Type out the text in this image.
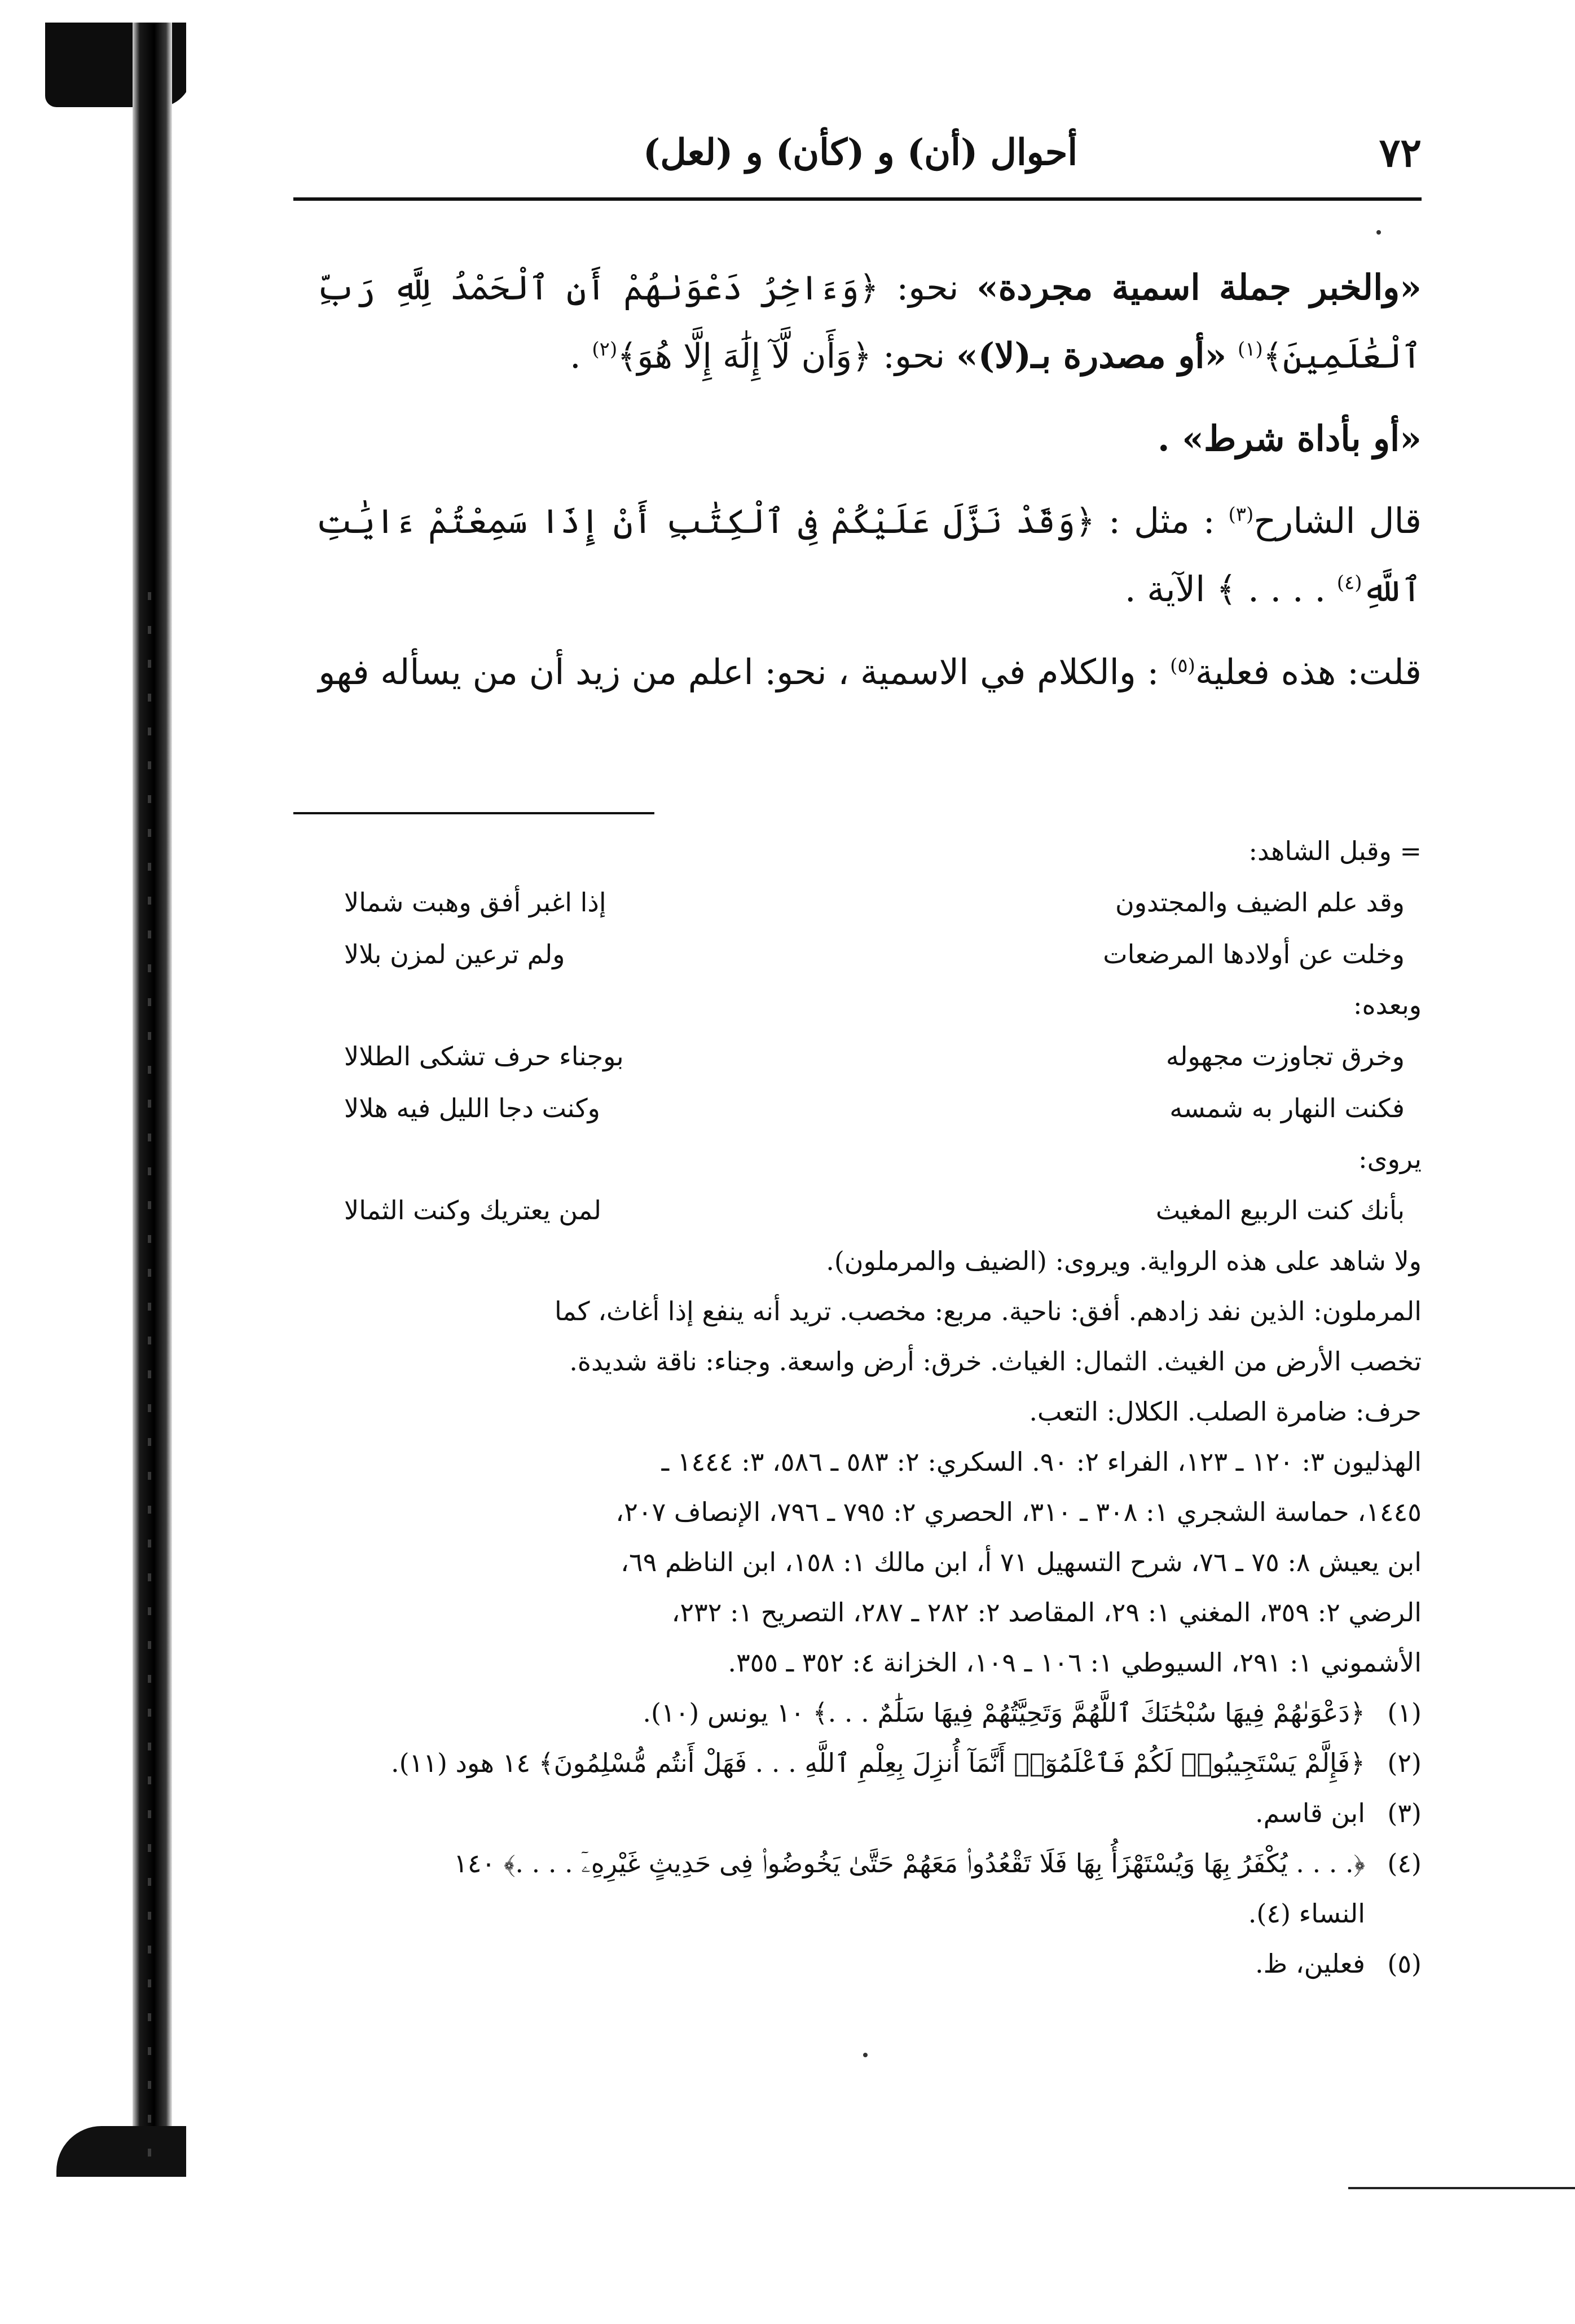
٧٢
أحوال (أن) و (كأن) و (لعل)

«والخبر جملة اسمية مجردة» نحو: ﴿وَءَاخِرُ دَعْوَىٰهُمْ أَنِ ٱلْحَمْدُ لِلَّهِ رَبِّ ٱلْعَٰلَمِينَ﴾$^{(١)}$ «أو مصدرة بـ(لا)» نحو: ﴿وَأَن لَّآ إِلَٰهَ إِلَّا هُوَ﴾$^{(٢)}$ .

«أو بأداة شرط» .

قال الشارح$^{(٣)}$ : مثل : ﴿وَقَدْ نَزَّلَ عَلَيْكُمْ فِى ٱلْكِتَٰبِ أَنْ إِذَا سَمِعْتُمْ ءَايَٰتِ ٱللَّهِ$^{(٤)}$ . . . . ﴾ الآية .

قلت: هذه فعلية$^{(٥)}$ : والكلام في الاسمية ، نحو: اعلم من زيد أن من يسأله فهو

= وقبل الشاهد:

وقد علم الضيف والمجتدون
إذا اغبر أفق وهبت شمالا
وخلت عن أولادها المرضعات
ولم ترعين لمزن بلالا

وبعده:

وخرق تجاوزت مجهوله
بوجناء حرف تشكى الطلالا
فكنت النهار به شمسه
وكنت دجا الليل فيه هلالا

يروى:

بأنك كنت الربيع المغيث
لمن يعتريك وكنت الثمالا

ولا شاهد على هذه الرواية. ويروى: (الضيف والمرملون).

المرملون: الذين نفد زادهم. أفق: ناحية. مربع: مخصب. تريد أنه ينفع إذا أغاث، كما

تخصب الأرض من الغيث. الثمال: الغياث. خرق: أرض واسعة. وجناء: ناقة شديدة.

حرف: ضامرة الصلب. الكلال: التعب.

الهذليون ٣: ١٢٠ ـ ١٢٣، الفراء ٢: ٩٠. السكري: ٢: ٥٨٣ ـ ٥٨٦، ٣: ١٤٤٤ ـ

١٤٤٥، حماسة الشجري ١: ٣٠٨ ـ ٣١٠، الحصري ٢: ٧٩٥ ـ ٧٩٦، الإنصاف ٢٠٧،

ابن يعيش ٨: ٧٥ ـ ٧٦، شرح التسهيل ٧١ أ، ابن مالك ١: ١٥٨، ابن الناظم ٦٩،

الرضي ٢: ٣٥٩، المغني ١: ٢٩، المقاصد ٢: ٢٨٢ ـ ٢٨٧، التصريح ١: ٢٣٢،

الأشموني ١: ٢٩١، السيوطي ١: ١٠٦ ـ ١٠٩، الخزانة ٤: ٣٥٢ ـ ٣٥٥.

(١)
﴿دَعْوَىٰهُمْ فِيهَا سُبْحَٰنَكَ ٱللَّهُمَّ وَتَحِيَّتُهُمْ فِيهَا سَلَٰمٌ . . .﴾ ١٠ يونس (١٠).
(٢)
﴿فَإِلَّمْ يَسْتَجِيبُوا۟ لَكُمْ فَٱعْلَمُوٓا۟ أَنَّمَآ أُنزِلَ بِعِلْمِ ٱللَّهِ . . . فَهَلْ أَنتُم مُّسْلِمُونَ﴾ ١٤ هود (١١).
(٣)
ابن قاسم.
(٤)
﴿. . . . يُكْفَرُ بِهَا وَيُسْتَهْزَأُ بِهَا فَلَا تَقْعُدُوا۟ مَعَهُمْ حَتَّىٰ يَخُوضُوا۟ فِى حَدِيثٍ غَيْرِهِۦٓ . . . .﴾ ١٤٠
النساء (٤).
(٥)
فعلين، ظ.
